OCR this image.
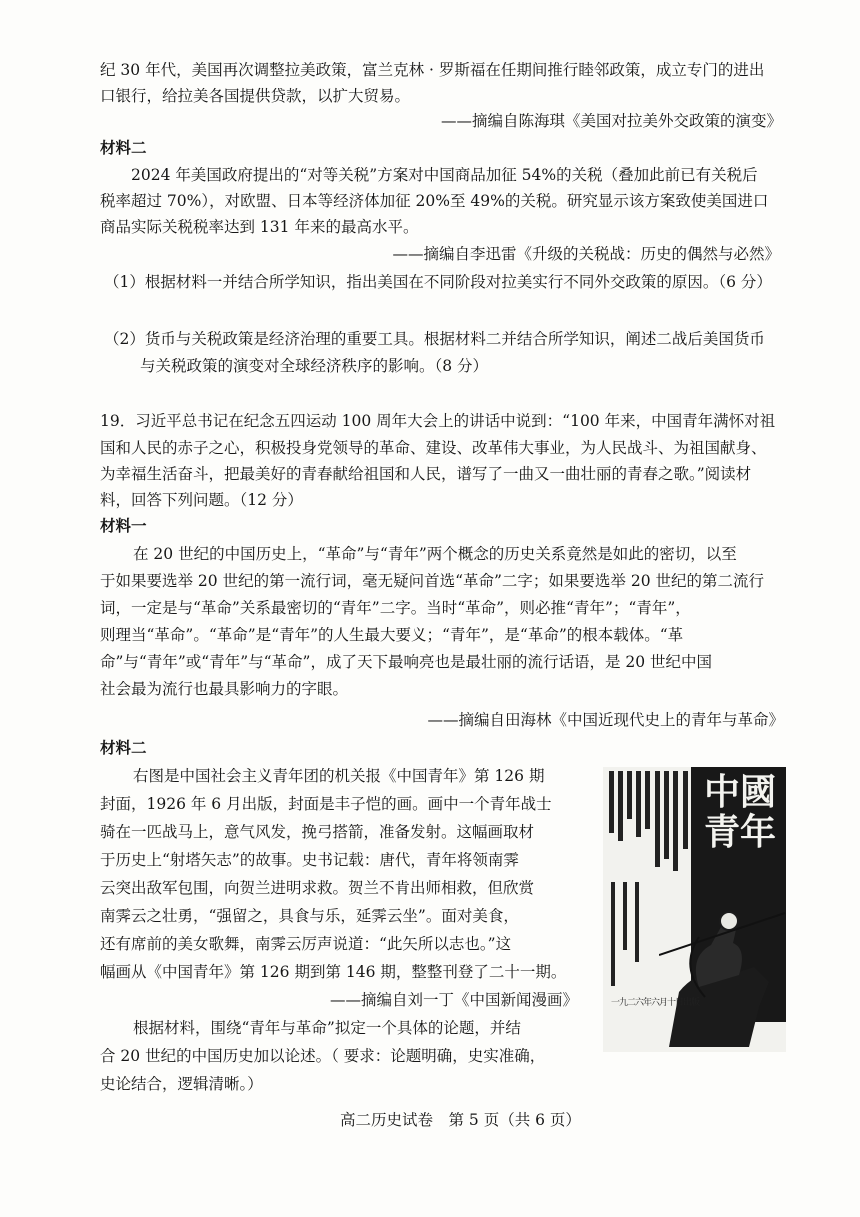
纪 30 年代，美国再次调整拉美政策，富兰克林 · 罗斯福在任期间推行睦邻政策，成立专门的进出
口银行，给拉美各国提供贷款，以扩大贸易。
——摘编自陈海琪《美国对拉美外交政策的演变》
材料二
2024 年美国政府提出的“对等关税”方案对中国商品加征 54%的关税（叠加此前已有关税后
税率超过 70%），对欧盟、日本等经济体加征 20%至 49%的关税。研究显示该方案致使美国进口
商品实际关税税率达到 131 年来的最高水平。
——摘编自李迅雷《升级的关税战：历史的偶然与必然》
（1）根据材料一并结合所学知识，指出美国在不同阶段对拉美实行不同外交政策的原因。（6 分）
（2）货币与关税政策是经济治理的重要工具。根据材料二并结合所学知识，阐述二战后美国货币
与关税政策的演变对全球经济秩序的影响。（8 分）
19．习近平总书记在纪念五四运动 100 周年大会上的讲话中说到：“100 年来，中国青年满怀对祖
国和人民的赤子之心，积极投身党领导的革命、建设、改革伟大事业，为人民战斗、为祖国献身、
为幸福生活奋斗，把最美好的青春献给祖国和人民，谱写了一曲又一曲壮丽的青春之歌。”阅读材
料，回答下列问题。（12 分）
材料一
在 20 世纪的中国历史上，“革命”与“青年”两个概念的历史关系竟然是如此的密切，以至
于如果要选举 20 世纪的第一流行词，毫无疑问首选“革命”二字；如果要选举 20 世纪的第二流行
词，一定是与“革命”关系最密切的“青年”二字。当时“革命”，则必推“青年”；“青年”，
则理当“革命”。“革命”是“青年”的人生最大要义；“青年”，是“革命”的根本载体。“革
命”与“青年”或“青年”与“革命”，成了天下最响亮也是最壮丽的流行话语，是 20 世纪中国
社会最为流行也最具影响力的字眼。
——摘编自田海林《中国近现代史上的青年与革命》
材料二
右图是中国社会主义青年团的机关报《中国青年》第 126 期
封面，1926 年 6 月出版，封面是丰子恺的画。画中一个青年战士
骑在一匹战马上，意气风发，挽弓搭箭，准备发射。这幅画取材
于历史上“射塔矢志”的故事。史书记载：唐代，青年将领南霁
云突出敌军包围，向贺兰进明求救。贺兰不肯出师相救，但欣赏
南霁云之壮勇，“强留之，具食与乐，延霁云坐”。面对美食，
还有席前的美女歌舞，南霁云厉声说道：“此矢所以志也。”这
幅画从《中国青年》第 126 期到第 146 期，整整刊登了二十一期。
——摘编自刘一丁《中国新闻漫画》
根据材料，围绕“青年与革命”拟定一个具体的论题，并结
合 20 世纪的中国历史加以论述。（ 要求：论题明确，史实准确，
史论结合，逻辑清晰。）
中國青年
一九二六年六月十日出版
高二历史试卷　第 5 页（共 6 页）
